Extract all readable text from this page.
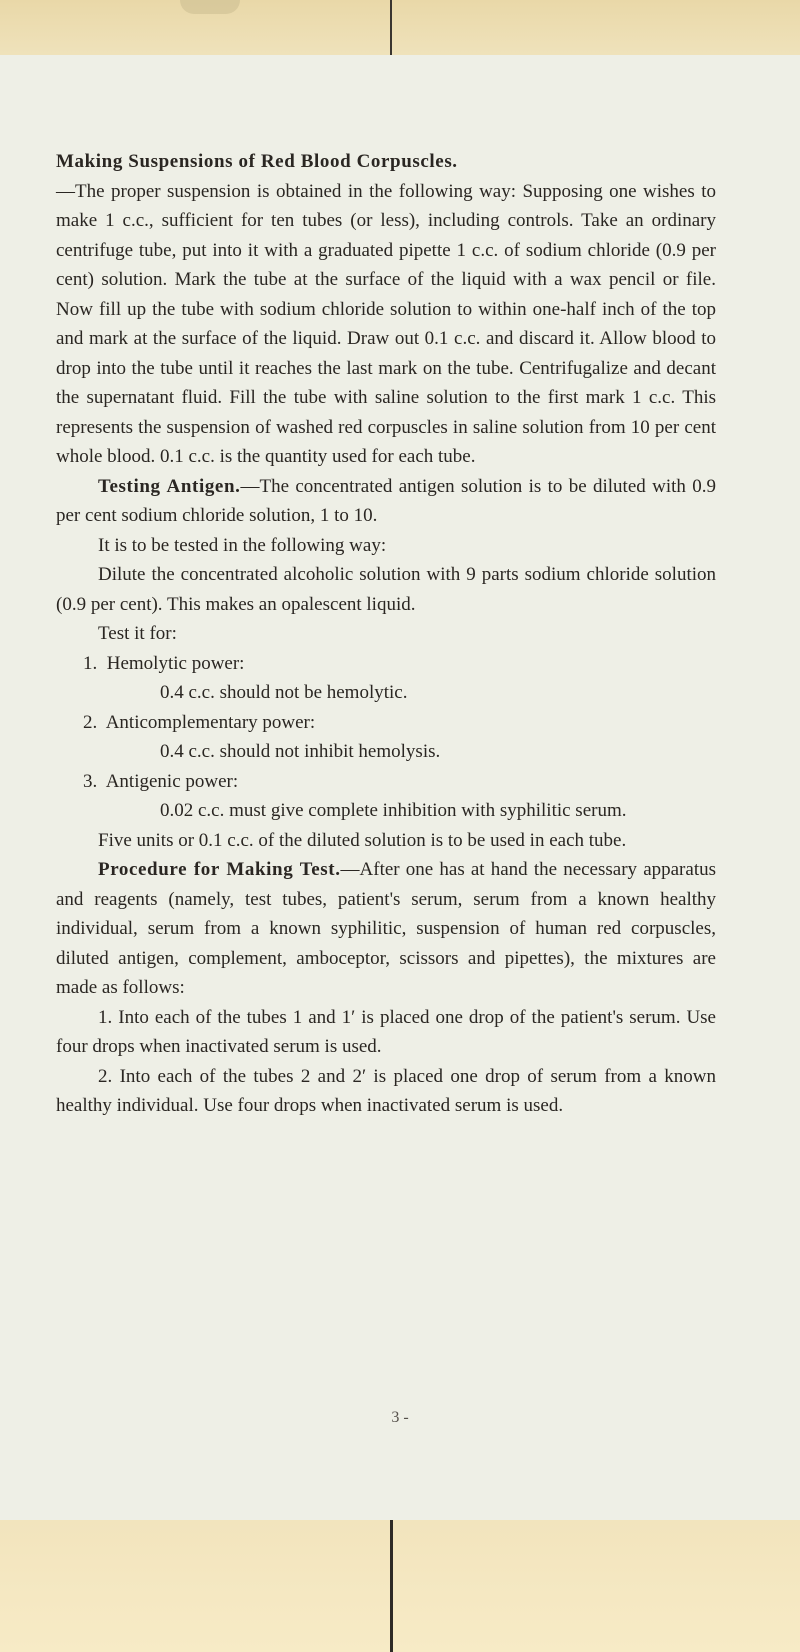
Making Suspensions of Red Blood Corpuscles.
—The proper suspension is obtained in the following way: Supposing one wishes to make 1 c.c., sufficient for ten tubes (or less), including controls. Take an ordinary centrifuge tube, put into it with a graduated pipette 1 c.c. of sodium chloride (0.9 per cent) solution. Mark the tube at the surface of the liquid with a wax pencil or file. Now fill up the tube with sodium chloride solution to within one-half inch of the top and mark at the surface of the liquid. Draw out 0.1 c.c. and discard it. Allow blood to drop into the tube until it reaches the last mark on the tube. Centrifugalize and decant the supernatant fluid. Fill the tube with saline solution to the first mark 1 c.c. This represents the suspension of washed red corpuscles in saline solution from 10 per cent whole blood. 0.1 c.c. is the quantity used for each tube.

Testing Antigen.—The concentrated antigen solution is to be diluted with 0.9 per cent sodium chloride solution, 1 to 10.

It is to be tested in the following way:

Dilute the concentrated alcoholic solution with 9 parts sodium chloride solution (0.9 per cent). This makes an opalescent liquid.

Test it for:

1. Hemolytic power:

0.4 c.c. should not be hemolytic.

2. Anticomplementary power:

0.4 c.c. should not inhibit hemolysis.

3. Antigenic power:

0.02 c.c. must give complete inhibition with syphilitic serum.

Five units or 0.1 c.c. of the diluted solution is to be used in each tube.

Procedure for Making Test.—After one has at hand the necessary apparatus and reagents (namely, test tubes, patient's serum, serum from a known healthy individual, serum from a known syphilitic, suspension of human red corpuscles, diluted antigen, complement, amboceptor, scissors and pipettes), the mixtures are made as follows:

1. Into each of the tubes 1 and 1′ is placed one drop of the patient's serum. Use four drops when inactivated serum is used.

2. Into each of the tubes 2 and 2′ is placed one drop of serum from a known healthy individual. Use four drops when inactivated serum is used.

3 -
